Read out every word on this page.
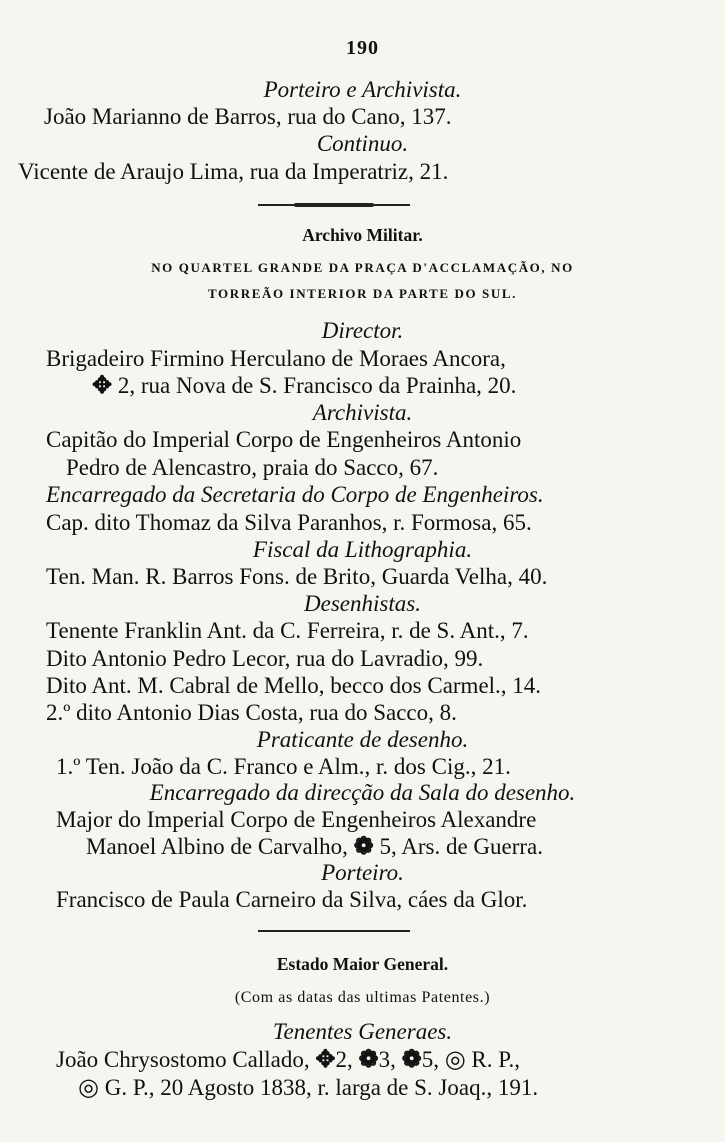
190
Porteiro e Archivista.
João Marianno de Barros, rua do Cano, 137.
Continuo.
Vicente de Araujo Lima, rua da Imperatriz, 21.
Archivo Militar.
NO QUARTEL GRANDE DA PRAÇA D'ACCLAMAÇÃO, NO
TORREÃO INTERIOR DA PARTE DO SUL.
Director.
Brigadeiro Firmino Herculano de Moraes Ancora,
✥ 2, rua Nova de S. Francisco da Prainha, 20.
Archivista.
Capitão do Imperial Corpo de Engenheiros Antonio
Pedro de Alencastro, praia do Sacco, 67.
Encarregado da Secretaria do Corpo de Engenheiros.
Cap. dito Thomaz da Silva Paranhos, r. Formosa, 65.
Fiscal da Lithographia.
Ten. Man. R. Barros Fons. de Brito, Guarda Velha, 40.
Desenhistas.
Tenente Franklin Ant. da C. Ferreira, r. de S. Ant., 7.
Dito Antonio Pedro Lecor, rua do Lavradio, 99.
Dito Ant. M. Cabral de Mello, becco dos Carmel., 14.
2.º dito Antonio Dias Costa, rua do Sacco, 8.
Praticante de desenho.
1.º Ten. João da C. Franco e Alm., r. dos Cig., 21.
Encarregado da direcção da Sala do desenho.
Major do Imperial Corpo de Engenheiros Alexandre
Manoel Albino de Carvalho, ❁ 5, Ars. de Guerra.
Porteiro.
Francisco de Paula Carneiro da Silva, cáes da Glor.
Estado Maior General.
(Com as datas das ultimas Patentes.)
Tenentes Generaes.
João Chrysostomo Callado, ✥2, ❁3, ❁5, ◎ R. P.,
◎ G. P., 20 Agosto 1838, r. larga de S. Joaq., 191.
